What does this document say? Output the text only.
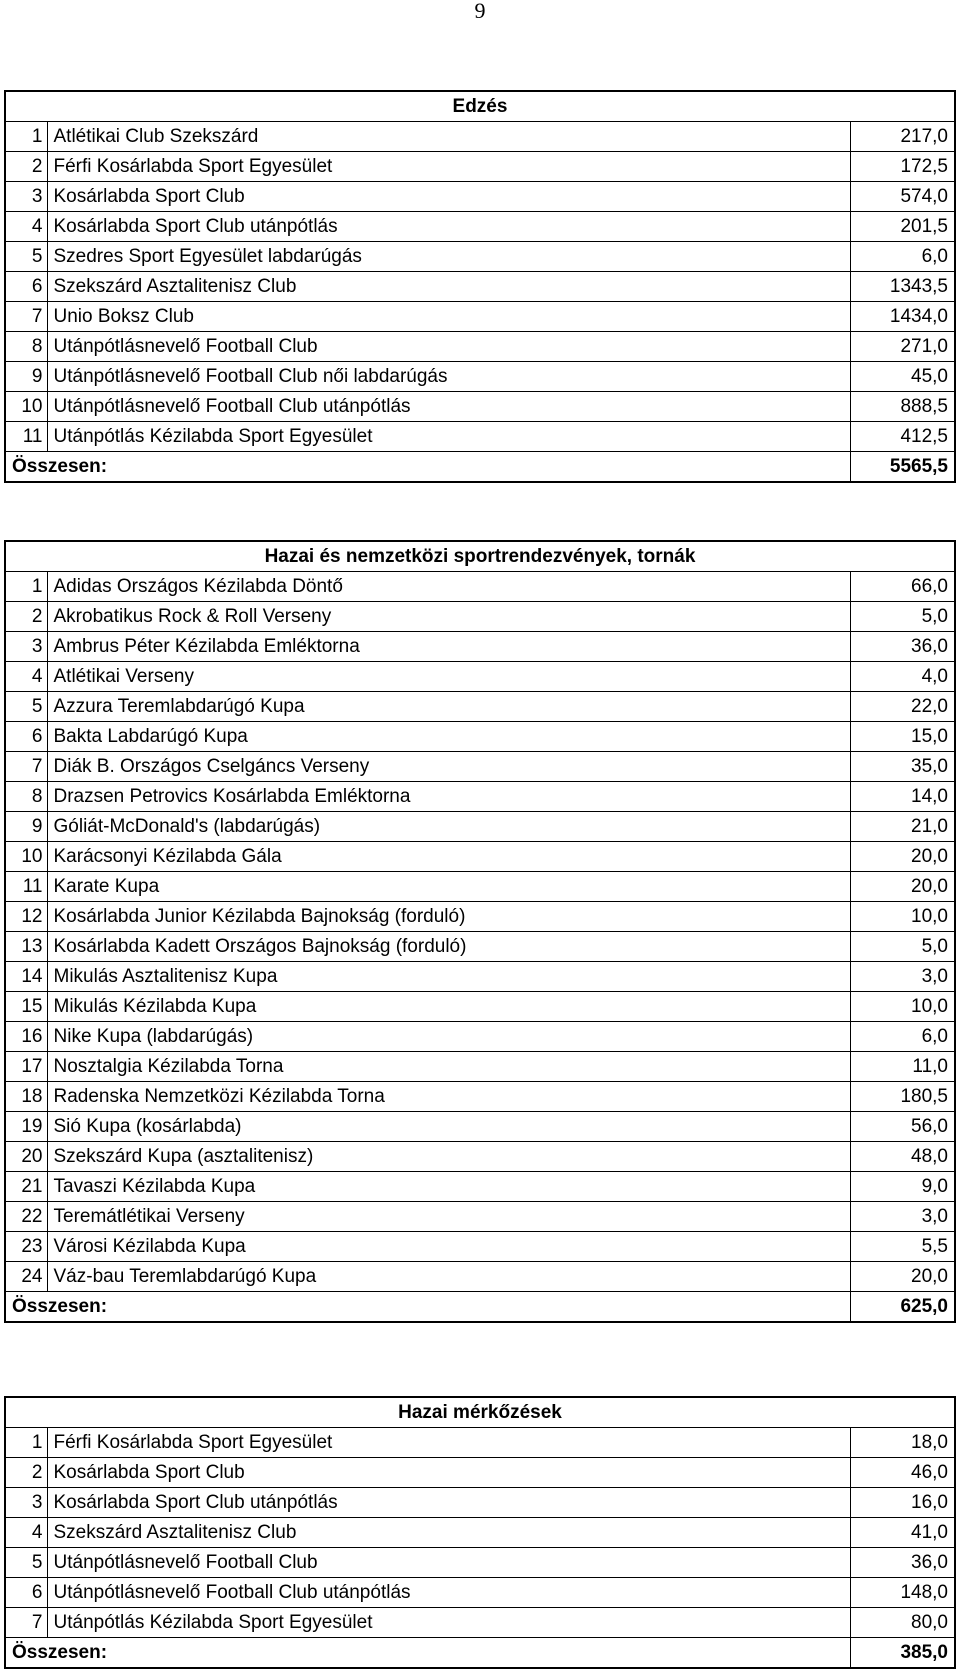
9
Edzés		
1	Atlétikai Club Szekszárd	217,0
2	Férfi Kosárlabda Sport Egyesület	172,5
3	Kosárlabda Sport Club	574,0
4	Kosárlabda Sport Club utánpótlás	201,5
5	Szedres Sport Egyesület labdarúgás	6,0
6	Szekszárd Asztalitenisz Club	1343,5
7	Unio Boksz Club	1434,0
8	Utánpótlásnevelő Football Club	271,0
9	Utánpótlásnevelő Football Club női labdarúgás	45,0
10	Utánpótlásnevelő Football Club utánpótlás	888,5
11	Utánpótlás Kézilabda Sport Egyesület	412,5
Összesen:		5565,5
Hazai és nemzetközi sportrendezvények, tornák		
1	Adidas Országos Kézilabda Döntő	66,0
2	Akrobatikus Rock & Roll Verseny	5,0
3	Ambrus Péter Kézilabda Emléktorna	36,0
4	Atlétikai Verseny	4,0
5	Azzura Teremlabdarúgó Kupa	22,0
6	Bakta Labdarúgó Kupa	15,0
7	Diák B. Országos Cselgáncs Verseny	35,0
8	Drazsen Petrovics Kosárlabda Emléktorna	14,0
9	Góliát-McDonald's (labdarúgás)	21,0
10	Karácsonyi Kézilabda Gála	20,0
11	Karate Kupa	20,0
12	Kosárlabda Junior Kézilabda Bajnokság (forduló)	10,0
13	Kosárlabda Kadett Országos Bajnokság (forduló)	5,0
14	Mikulás Asztalitenisz Kupa	3,0
15	Mikulás Kézilabda Kupa	10,0
16	Nike Kupa (labdarúgás)	6,0
17	Nosztalgia Kézilabda Torna	11,0
18	Radenska Nemzetközi Kézilabda Torna	180,5
19	Sió Kupa (kosárlabda)	56,0
20	Szekszárd Kupa (asztalitenisz)	48,0
21	Tavaszi Kézilabda Kupa	9,0
22	Teremátlétikai Verseny	3,0
23	Városi Kézilabda Kupa	5,5
24	Váz-bau Teremlabdarúgó Kupa	20,0
Összesen:		625,0
Hazai mérkőzések		
1	Férfi Kosárlabda Sport Egyesület	18,0
2	Kosárlabda Sport Club	46,0
3	Kosárlabda Sport Club utánpótlás	16,0
4	Szekszárd Asztalitenisz Club	41,0
5	Utánpótlásnevelő Football Club	36,0
6	Utánpótlásnevelő Football Club utánpótlás	148,0
7	Utánpótlás Kézilabda Sport Egyesület	80,0
Összesen:		385,0
